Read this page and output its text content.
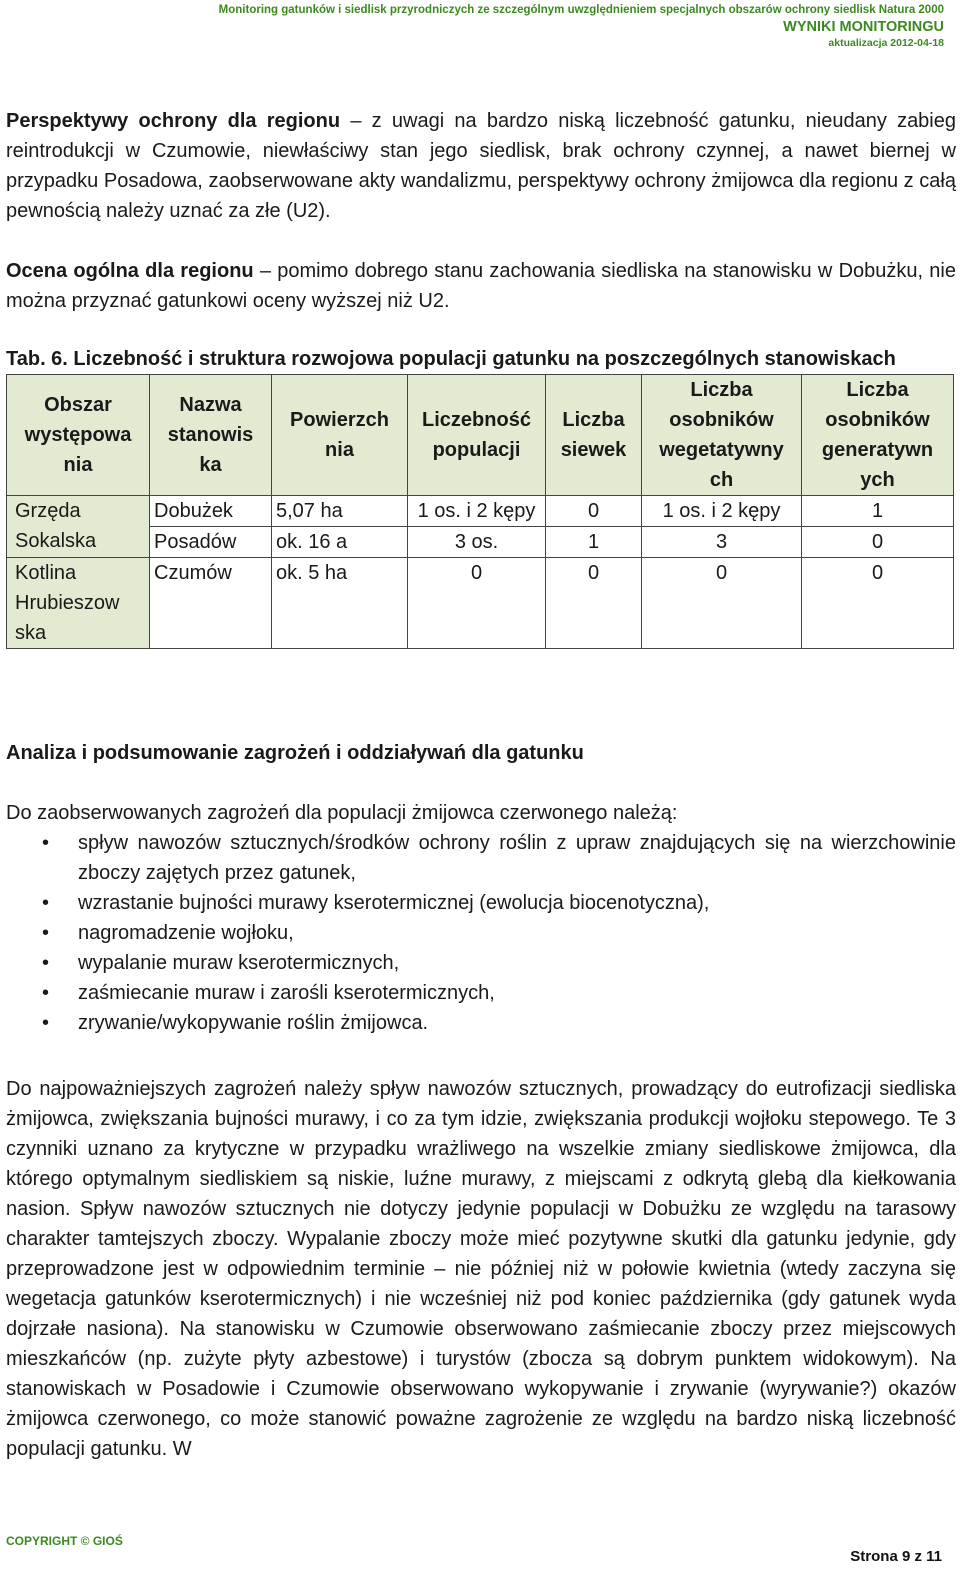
Monitoring gatunków i siedlisk przyrodniczych ze szczególnym uwzględnieniem specjalnych obszarów ochrony siedlisk Natura 2000
WYNIKI MONITORINGU
aktualizacja 2012-04-18

Perspektywy ochrony dla regionu – z uwagi na bardzo niską liczebność gatunku, nieudany zabieg reintrodukcji w Czumowie, niewłaściwy stan jego siedlisk, brak ochrony czynnej, a nawet biernej w przypadku Posadowa, zaobserwowane akty wandalizmu, perspektywy ochrony żmijowca dla regionu z całą pewnością należy uznać za złe (U2).

Ocena ogólna dla regionu – pomimo dobrego stanu zachowania siedliska na stanowisku w Dobużku, nie można przyznać gatunkowi oceny wyższej niż U2.

Tab. 6. Liczebność i struktura rozwojowa populacji gatunku na poszczególnych stanowiskach
Obszar występowa nia	Nazwa stanowis ka	Powierzch nia	Liczebność populacji	Liczba siewek	Liczba osobników wegetatywny ch	Liczba osobników generatywn ych
Grzęda Sokalska	Dobużek	5,07 ha	1 os. i 2 kępy	0	1 os. i 2 kępy	1
	Posadów	ok. 16 a	3 os.	1	3	0
Kotlina Hrubieszow ska	Czumów	ok. 5 ha	0	0	0	0
Analiza i podsumowanie zagrożeń i oddziaływań dla gatunku

Do zaobserwowanych zagrożeń dla populacji żmijowca czerwonego należą:

• spływ nawozów sztucznych/środków ochrony roślin z upraw znajdujących się na wierzchowinie zboczy zajętych przez gatunek,
• wzrastanie bujności murawy kserotermicznej (ewolucja biocenotyczna),
• nagromadzenie wojłoku,
• wypalanie muraw kserotermicznych,
• zaśmiecanie muraw i zarośli kserotermicznych,
• zrywanie/wykopywanie roślin żmijowca.

Do najpoważniejszych zagrożeń należy spływ nawozów sztucznych, prowadzący do eutrofizacji siedliska żmijowca, zwiększania bujności murawy, i co za tym idzie, zwiększania produkcji wojłoku stepowego. Te 3 czynniki uznano za krytyczne w przypadku wrażliwego na wszelkie zmiany siedliskowe żmijowca, dla którego optymalnym siedliskiem są niskie, luźne murawy, z miejscami z odkrytą glebą dla kiełkowania nasion. Spływ nawozów sztucznych nie dotyczy jedynie populacji w Dobużku ze względu na tarasowy charakter tamtejszych zboczy. Wypalanie zboczy może mieć pozytywne skutki dla gatunku jedynie, gdy przeprowadzone jest w odpowiednim terminie – nie później niż w połowie kwietnia (wtedy zaczyna się wegetacja gatunków kserotermicznych) i nie wcześniej niż pod koniec października (gdy gatunek wyda dojrzałe nasiona). Na stanowisku w Czumowie obserwowano zaśmiecanie zboczy przez miejscowych mieszkańców (np. zużyte płyty azbestowe) i turystów (zbocza są dobrym punktem widokowym). Na stanowiskach w Posadowie i Czumowie obserwowano wykopywanie i zrywanie (wyrywanie?) okazów żmijowca czerwonego, co może stanowić poważne zagrożenie ze względu na bardzo niską liczebność populacji gatunku. W

COPYRIGHT © GIOŚ
Strona 9 z 11
